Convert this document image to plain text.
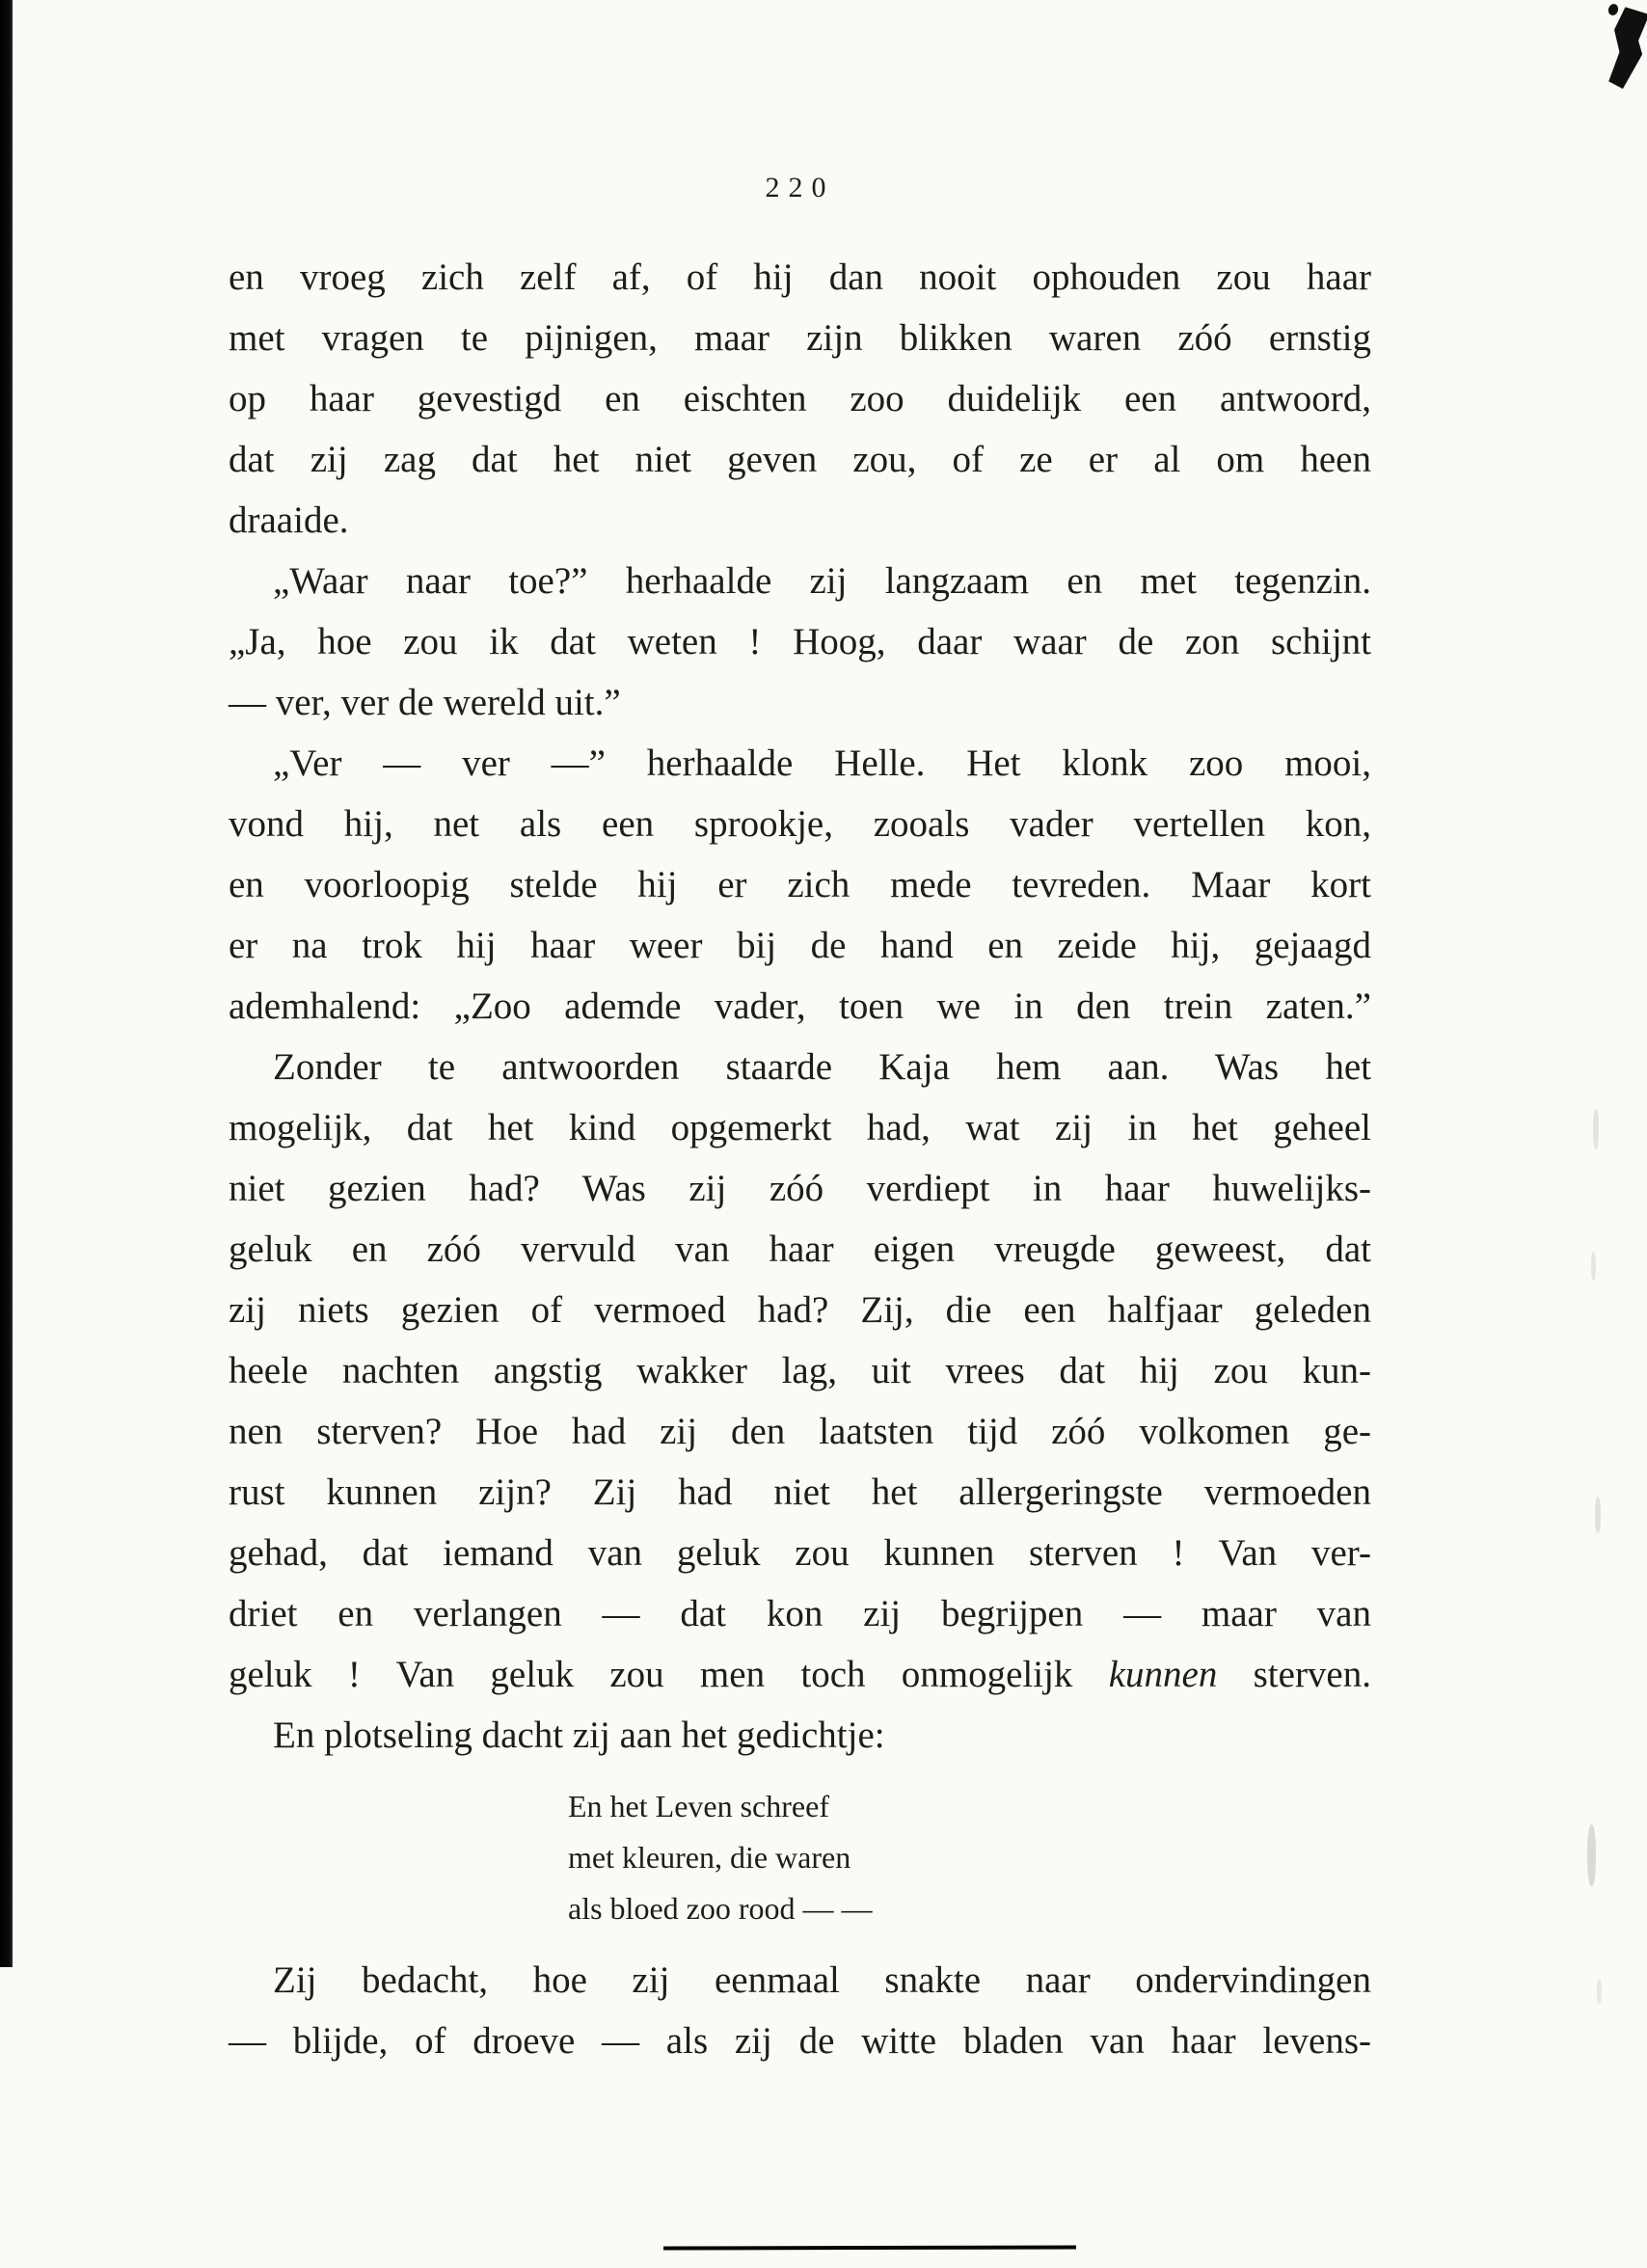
220
en vroeg zich zelf af, of hij dan nooit ophouden zou haar
met vragen te pijnigen, maar zijn blikken waren zóó ernstig
op haar gevestigd en eischten zoo duidelijk een antwoord,
dat zij zag dat het niet geven zou, of ze er al om heen
draaide.
„Waar naar toe?” herhaalde zij langzaam en met tegenzin.
„Ja, hoe zou ik dat weten ! Hoog, daar waar de zon schijnt
— ver, ver de wereld uit.”
„Ver — ver —” herhaalde Helle. Het klonk zoo mooi,
vond hij, net als een sprookje, zooals vader vertellen kon,
en voorloopig stelde hij er zich mede tevreden. Maar kort
er na trok hij haar weer bij de hand en zeide hij, gejaagd
ademhalend: „Zoo ademde vader, toen we in den trein zaten.”
Zonder te antwoorden staarde Kaja hem aan. Was het
mogelijk, dat het kind opgemerkt had, wat zij in het geheel
niet gezien had? Was zij zóó verdiept in haar huwelijks-
geluk en zóó vervuld van haar eigen vreugde geweest, dat
zij niets gezien of vermoed had? Zij, die een halfjaar geleden
heele nachten angstig wakker lag, uit vrees dat hij zou kun-
nen sterven? Hoe had zij den laatsten tijd zóó volkomen ge-
rust kunnen zijn? Zij had niet het allergeringste vermoeden
gehad, dat iemand van geluk zou kunnen sterven ! Van ver-
driet en verlangen — dat kon zij begrijpen — maar van
geluk ! Van geluk zou men toch onmogelijk kunnen sterven.
En plotseling dacht zij aan het gedichtje:
En het Leven schreef
met kleuren, die waren
als bloed zoo rood — —
Zij bedacht, hoe zij eenmaal snakte naar ondervindingen
— blijde, of droeve — als zij de witte bladen van haar levens-
